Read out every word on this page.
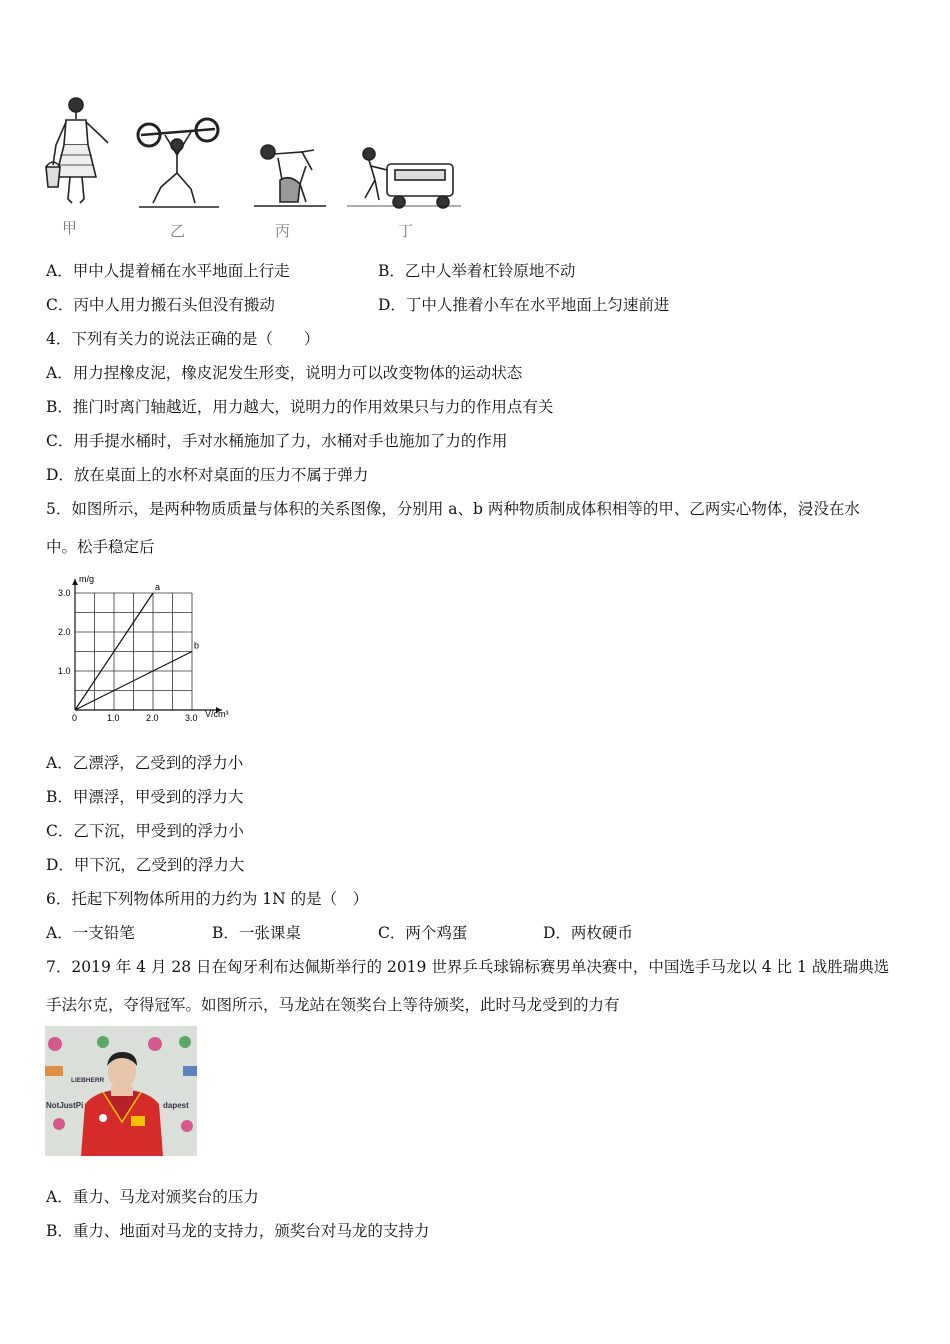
甲	乙	丙	丁
A．甲中人提着桶在水平地面上行走	B．乙中人举着杠铃原地不动
C．丙中人用力搬石头但没有搬动	D．丁中人推着小车在水平地面上匀速前进
4．下列有关力的说法正确的是（　　）
A．用力捏橡皮泥，橡皮泥发生形变，说明力可以改变物体的运动状态
B．推门时离门轴越近，用力越大，说明力的作用效果只与力的作用点有关
C．用手提水桶时，手对水桶施加了力，水桶对手也施加了力的作用
D．放在桌面上的水杯对桌面的压力不属于弹力
5．如图所示，是两种物质质量与体积的关系图像，分别用 a、b 两种物质制成体积相等的甲、乙两实心物体，浸没在水
中。松手稳定后
a
b
0	1.0	2.0	3.0
1.0
2.0
3.0
m/g
V/cm³
A．乙漂浮，乙受到的浮力小
B．甲漂浮，甲受到的浮力大
C．乙下沉，甲受到的浮力小
D．甲下沉，乙受到的浮力大
6．托起下列物体所用的力约为 1N 的是（　）
A．一支铅笔	B．一张课桌	C．两个鸡蛋	D．两枚硬币
7．2019 年 4 月 28 日在匈牙利布达佩斯举行的 2019 世界乒乓球锦标赛男单决赛中，中国选手马龙以 4 比 1 战胜瑞典选
手法尔克，夺得冠军。如图所示，马龙站在领奖台上等待颁奖，此时马龙受到的力有
LIEBHERR
NotJustPi	dapest
A．重力、马龙对颁奖台的压力
B．重力、地面对马龙的支持力，颁奖台对马龙的支持力
